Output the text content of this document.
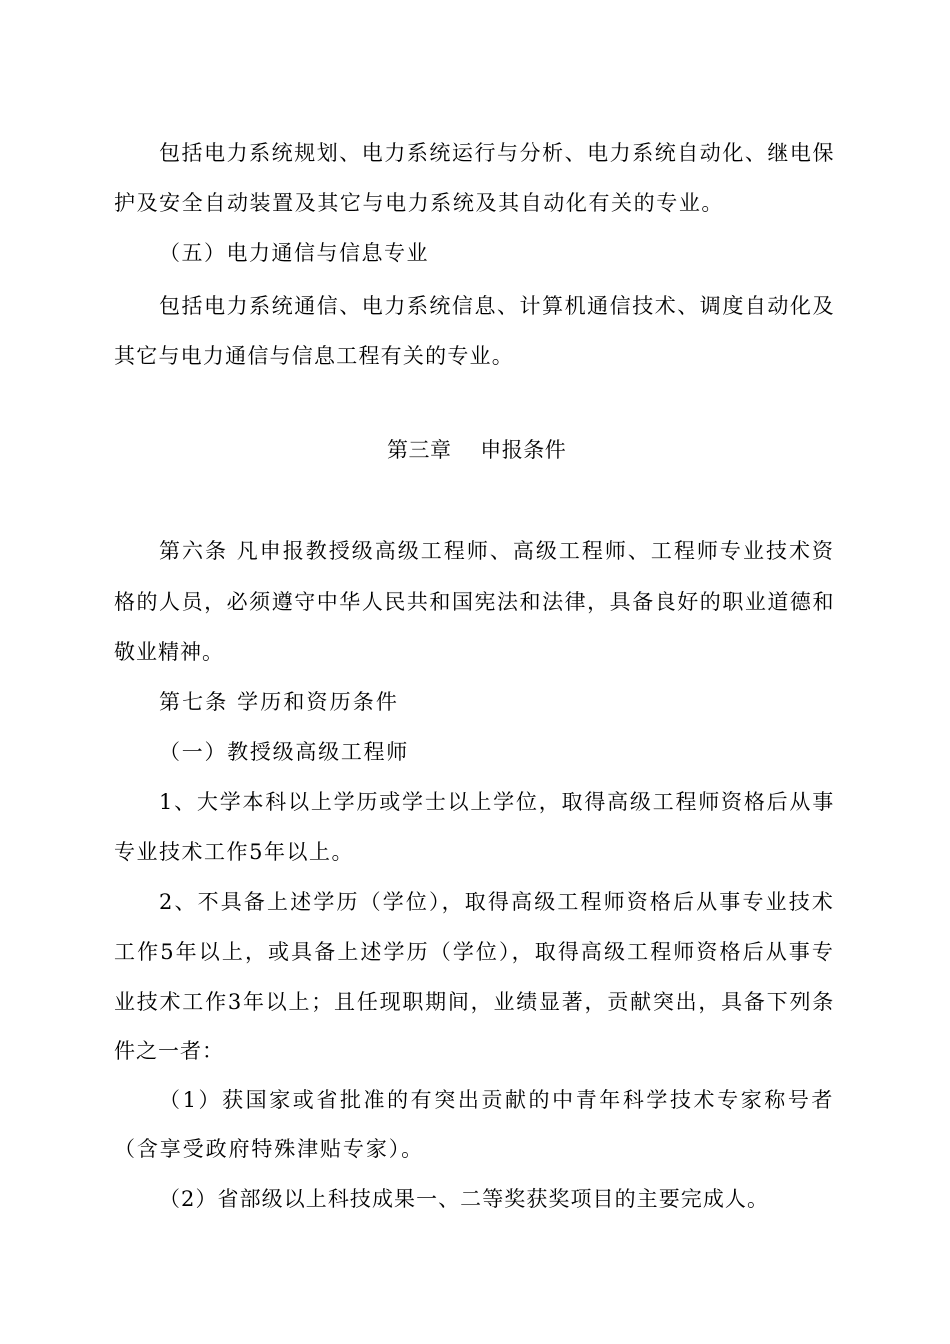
包括电力系统规划、电力系统运行与分析、电力系统自动化、继电保
护及安全自动装置及其它与电力系统及其自动化有关的专业。
（五）电力通信与信息专业
包括电力系统通信、电力系统信息、计算机通信技术、调度自动化及
其它与电力通信与信息工程有关的专业。
第三章    申报条件
第六条 凡申报教授级高级工程师、高级工程师、工程师专业技术资
格的人员，必须遵守中华人民共和国宪法和法律，具备良好的职业道德和
敬业精神。
第七条 学历和资历条件
（一）教授级高级工程师
1、大学本科以上学历或学士以上学位，取得高级工程师资格后从事
专业技术工作5年以上。
2、不具备上述学历（学位），取得高级工程师资格后从事专业技术
工作5年以上，或具备上述学历（学位），取得高级工程师资格后从事专
业技术工作3年以上；且任现职期间，业绩显著，贡献突出，具备下列条
件之一者：
（1）获国家或省批准的有突出贡献的中青年科学技术专家称号者
（含享受政府特殊津贴专家）。
（2）省部级以上科技成果一、二等奖获奖项目的主要完成人。
